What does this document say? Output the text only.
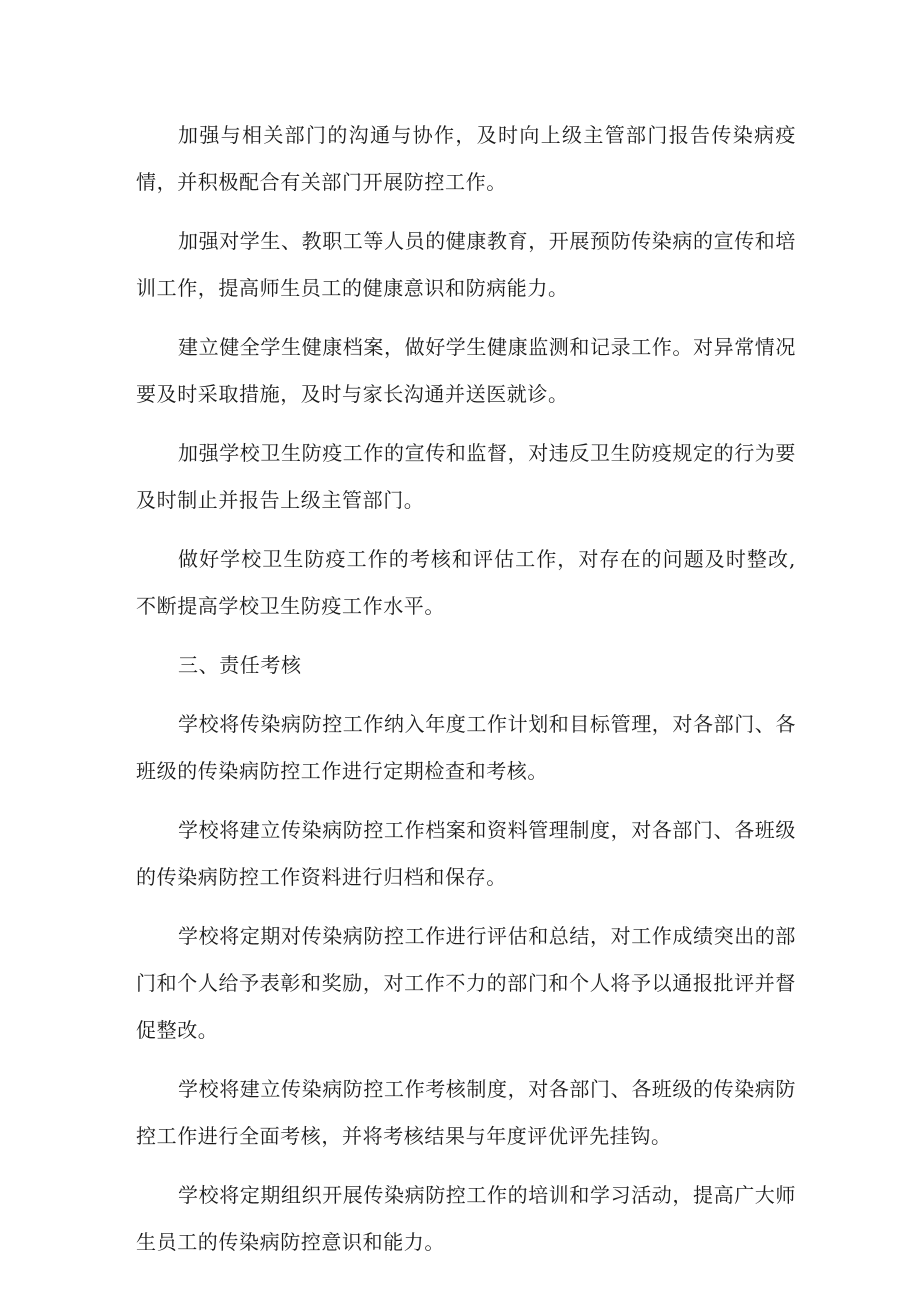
加强与相关部门的沟通与协作，及时向上级主管部门报告传染病疫情，并积极配合有关部门开展防控工作。

加强对学生、教职工等人员的健康教育，开展预防传染病的宣传和培训工作，提高师生员工的健康意识和防病能力。

建立健全学生健康档案，做好学生健康监测和记录工作。对异常情况要及时采取措施，及时与家长沟通并送医就诊。

加强学校卫生防疫工作的宣传和监督，对违反卫生防疫规定的行为要及时制止并报告上级主管部门。

做好学校卫生防疫工作的考核和评估工作，对存在的问题及时整改,不断提高学校卫生防疫工作水平。

三、责任考核

学校将传染病防控工作纳入年度工作计划和目标管理，对各部门、各班级的传染病防控工作进行定期检查和考核。

学校将建立传染病防控工作档案和资料管理制度，对各部门、各班级的传染病防控工作资料进行归档和保存。

学校将定期对传染病防控工作进行评估和总结，对工作成绩突出的部门和个人给予表彰和奖励，对工作不力的部门和个人将予以通报批评并督促整改。

学校将建立传染病防控工作考核制度，对各部门、各班级的传染病防控工作进行全面考核，并将考核结果与年度评优评先挂钩。

学校将定期组织开展传染病防控工作的培训和学习活动，提高广大师生员工的传染病防控意识和能力。
